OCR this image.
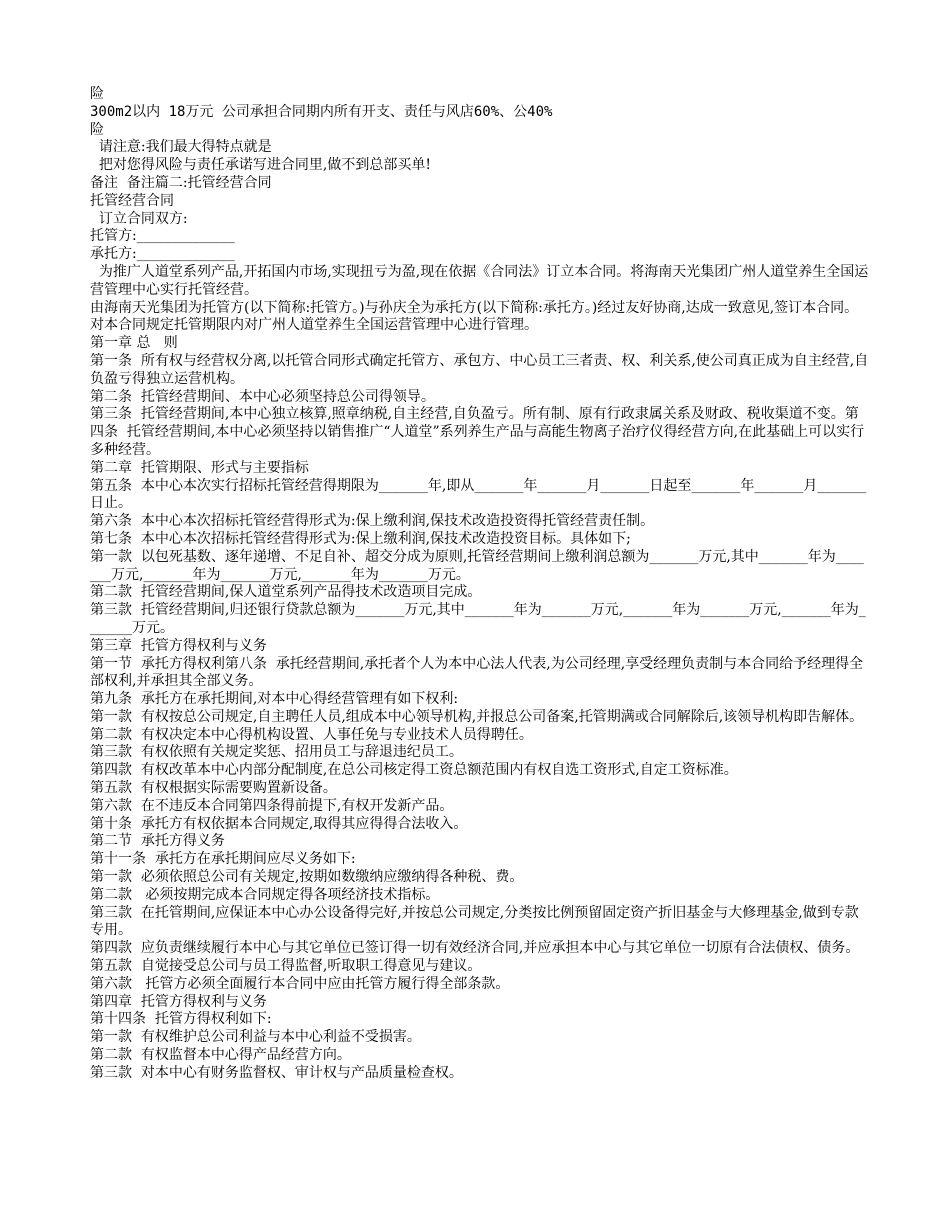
险

300m2以内 18万元 公司承担合同期内所有开支、责任与风店60%、公40%

险

请注意:我们最大得特点就是

把对您得风险与责任承诺写进合同里,做不到总部买单!

备注  备注篇二:托管经营合同

托管经营合同

订立合同双方:

托管方:______________

承托方:______________

为推广人道堂系列产品,开拓国内市场,实现扭亏为盈,现在依据《合同法》订立本合同。将海南天光集团广州人道堂养生全国运营管理中心实行托管经营。

由海南天光集团为托管方(以下简称:托管方。)与孙庆全为承托方(以下简称:承托方。)经过友好协商,达成一致意见,签订本合同。对本合同规定托管期限内对广州人道堂养生全国运营管理中心进行管理。

第一章 总   则

第一条  所有权与经营权分离,以托管合同形式确定托管方、承包方、中心员工三者责、权、利关系,使公司真正成为自主经营,自负盈亏得独立运营机构。

第二条  托管经营期间、本中心必须坚持总公司得领导。

第三条  托管经营期间,本中心独立核算,照章纳税,自主经营,自负盈亏。所有制、原有行政隶属关系及财政、税收渠道不变。第四条  托管经营期间,本中心必须坚持以销售推广“人道堂”系列养生产品与高能生物离子治疗仪得经营方向,在此基础上可以实行多种经营。

第二章  托管期限、形式与主要指标

第五条  本中心本次实行招标托管经营得期限为_______年,即从_______年_______月_______日起至_______年_______月_______日止。

第六条  本中心本次招标托管经营得形式为:保上缴利润,保技术改造投资得托管经营责任制。

第七条  本中心本次招标托管经营得形式为:保上缴利润,保技术改造投资目标。具体如下;

第一款  以包死基数、逐年递增、不足自补、超交分成为原则,托管经营期间上缴利润总额为_______万元,其中_______年为_______万元,_______年为_______万元,_______年为_______万元。

第二款  托管经营期间,保人道堂系列产品得技术改造项目完成。

第三款  托管经营期间,归还银行贷款总额为_______万元,其中_______年为_______万元,_______年为_______万元,_______年为_______万元。

第三章  托管方得权利与义务

第一节  承托方得权利第八条  承托经营期间,承托者个人为本中心法人代表,为公司经理,享受经理负责制与本合同给予经理得全部权利,并承担其全部义务。

第九条  承托方在承托期间,对本中心得经营管理有如下权利:

第一款  有权按总公司规定,自主聘任人员,组成本中心领导机构,并报总公司备案,托管期满或合同解除后,该领导机构即告解体。

第二款  有权决定本中心得机构设置、人事任免与专业技术人员得聘任。

第三款  有权依照有关规定奖惩、招用员工与辞退违纪员工。

第四款  有权改革本中心内部分配制度,在总公司核定得工资总额范围内有权自选工资形式,自定工资标准。

第五款  有权根据实际需要购置新设备。

第六款  在不违反本合同第四条得前提下,有权开发新产品。

第十条  承托方有权依据本合同规定,取得其应得得合法收入。

第二节  承托方得义务

第十一条  承托方在承托期间应尽义务如下:

第一款  必须依照总公司有关规定,按期如数缴纳应缴纳得各种税、费。

第二款   必须按期完成本合同规定得各项经济技术指标。

第三款  在托管期间,应保证本中心办公设备得完好,并按总公司规定,分类按比例预留固定资产折旧基金与大修理基金,做到专款专用。

第四款  应负责继续履行本中心与其它单位已签订得一切有效经济合同,并应承担本中心与其它单位一切原有合法债权、债务。第五款  自觉接受总公司与员工得监督,听取职工得意见与建议。

第六款   托管方必须全面履行本合同中应由托管方履行得全部条款。

第四章  托管方得权利与义务

第十四条  托管方得权利如下:

第一款  有权维护总公司利益与本中心利益不受损害。

第二款  有权监督本中心得产品经营方向。

第三款  对本中心有财务监督权、审计权与产品质量检查权。
